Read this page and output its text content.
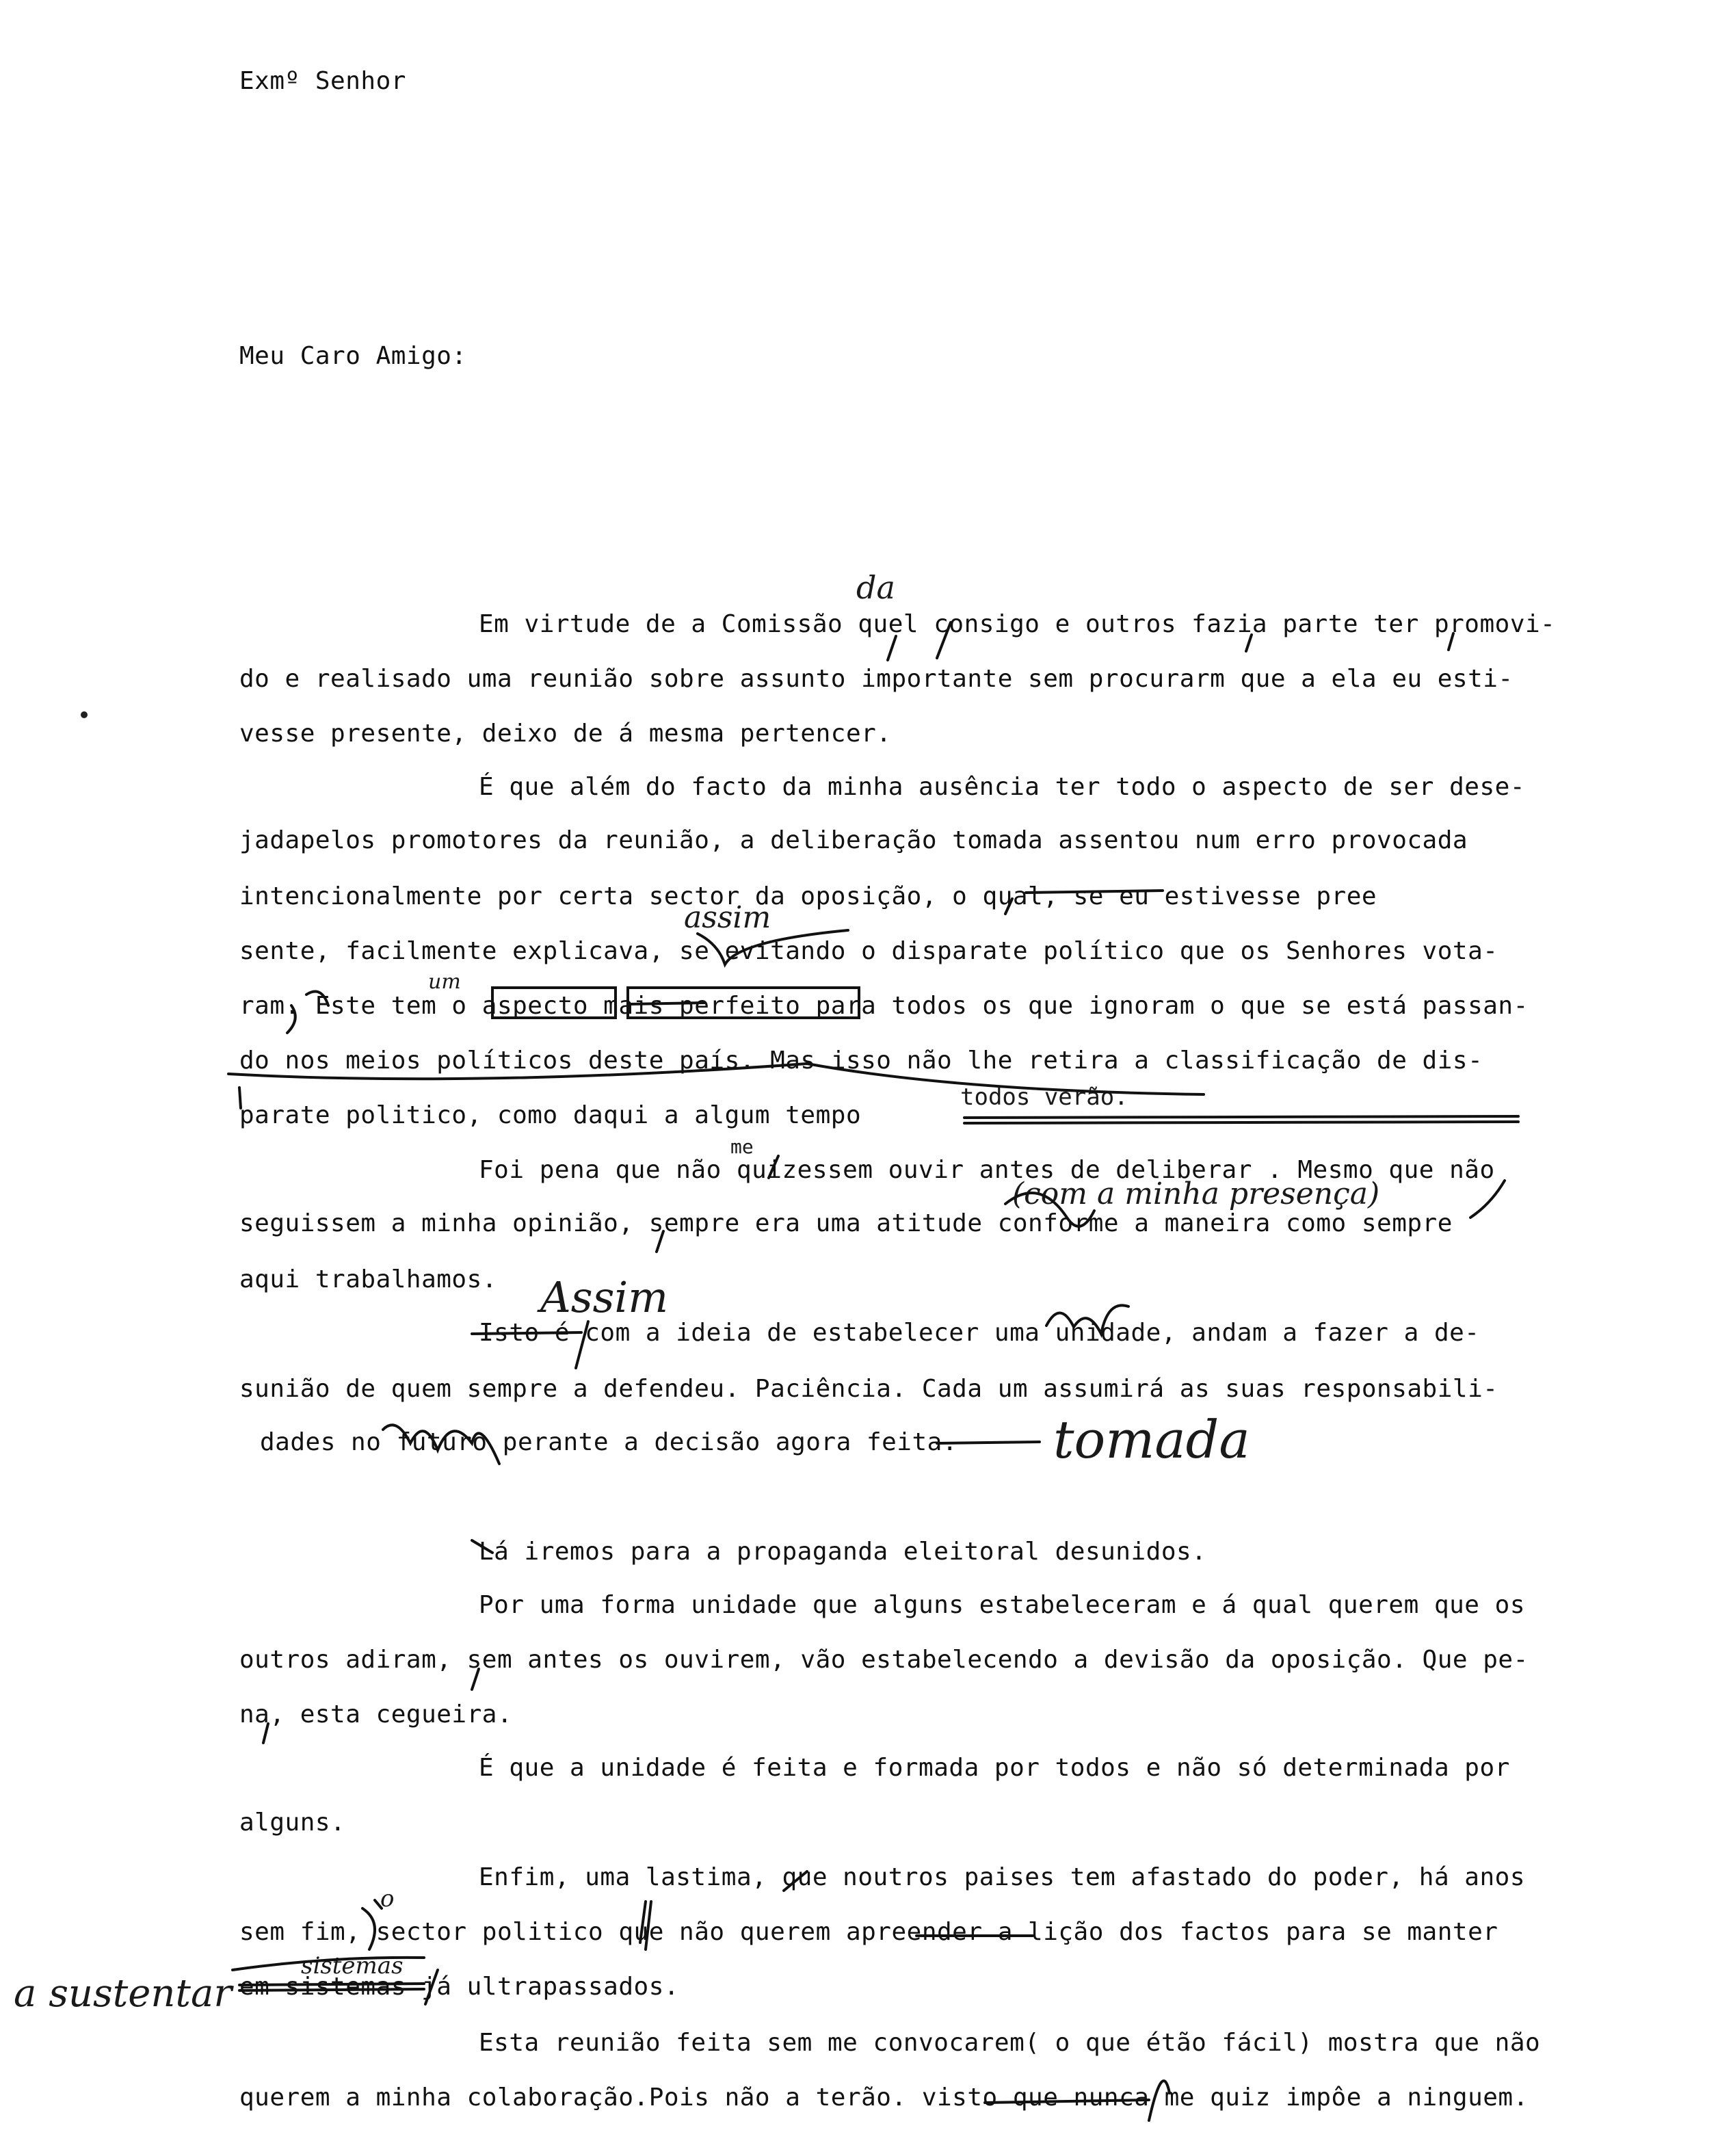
Exmº Senhor
Meu Caro Amigo:
Em virtude de a Comissão quel consigo e outros fazia parte ter promovi-
do e realisado uma reunião sobre assunto importante sem procurarm que a ela eu esti-
vesse presente, deixo de á mesma pertencer.
É que além do facto da minha ausência ter todo o aspecto de ser dese-
jadapelos promotores da reunião, a deliberação tomada assentou num erro provocada
intencionalmente por certa sector da oposição, o qual, se eu estivesse pree
sente, facilmente explicava, se evitando o disparate político que os Senhores vota-
ram. Este tem o aspecto mais perfeito para todos os que ignoram o que se está passan-
do nos meios políticos deste país. Mas isso não lhe retira a classificação de dis-
parate politico, como daqui a algum tempo
Foi pena que não quizessem ouvir antes de deliberar . Mesmo que não
seguissem a minha opinião, sempre era uma atitude conforme a maneira como sempre
aqui trabalhamos.
Isto é com a ideia de estabelecer uma unidade, andam a fazer a de-
sunião de quem sempre a defendeu. Paciência. Cada um assumirá as suas responsabili-
dades no futuro perante a decisão agora feita.
Lá iremos para a propaganda eleitoral desunidos.
Por uma forma unidade que alguns estabeleceram e á qual querem que os
outros adiram, sem antes os ouvirem, vão estabelecendo a devisão da oposição. Que pe-
na, esta cegueira.
É que a unidade é feita e formada por todos e não só determinada por
alguns.
Enfim, uma lastima, que noutros paises tem afastado do poder, há anos
sem fim, sector politico que não querem apreender a lição dos factos para se manter
em sistemas já ultrapassados.
Esta reunião feita sem me convocarem( o que étão fácil) mostra que não
querem a minha colaboração.Pois não a terão. visto que nunca me quiz impôe a ninguem.
da
assim
um
todos verão.
me
(com a minha presença)
Assim
tomada
o
sistemas
a sustentar
